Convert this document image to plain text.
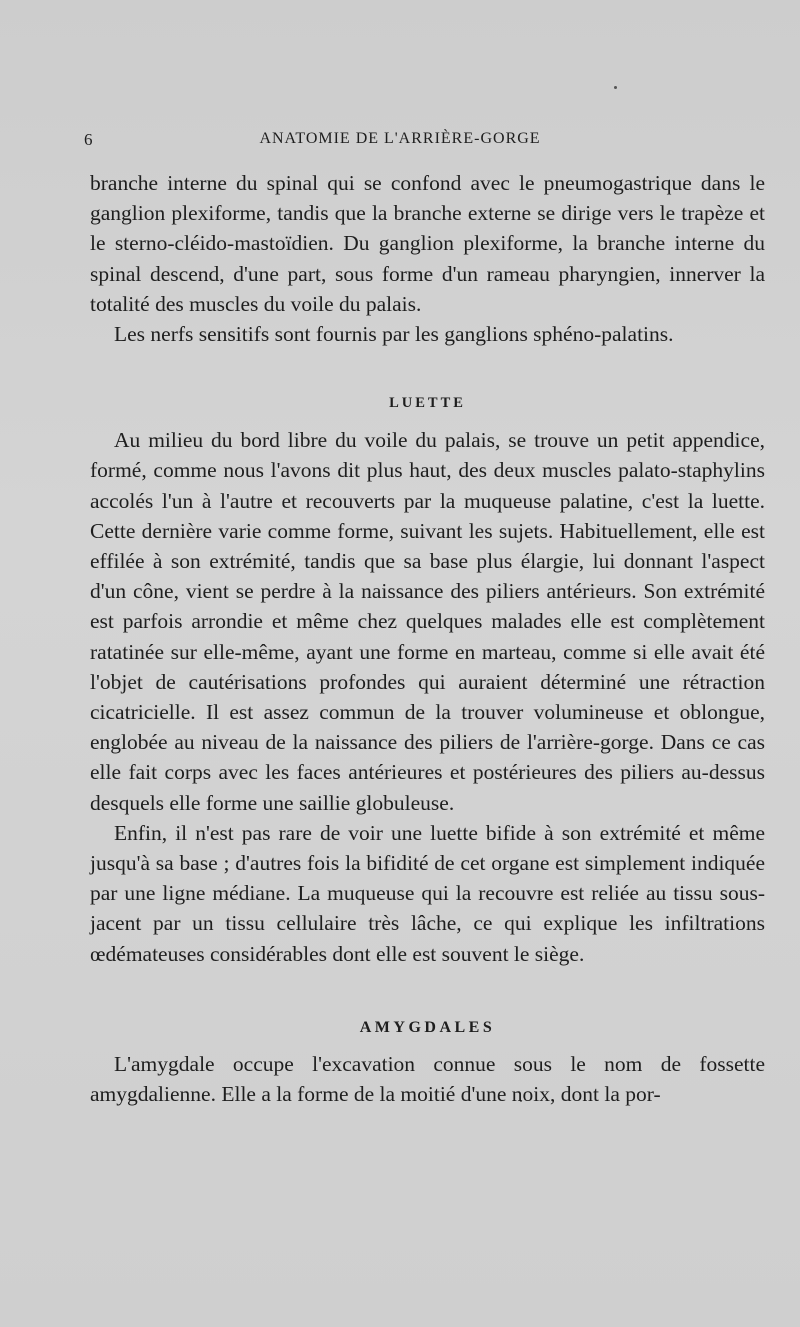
6	ANATOMIE DE L'ARRIÈRE-GORGE

branche interne du spinal qui se confond avec le pneumogastrique dans le ganglion plexiforme, tandis que la branche externe se dirige vers le trapèze et le sterno-cléido-mastoïdien. Du ganglion plexiforme, la branche interne du spinal descend, d'une part, sous forme d'un rameau pharyngien, innerver la totalité des muscles du voile du palais.

Les nerfs sensitifs sont fournis par les ganglions sphéno-palatins.

LUETTE

Au milieu du bord libre du voile du palais, se trouve un petit appendice, formé, comme nous l'avons dit plus haut, des deux muscles palato-staphylins accolés l'un à l'autre et recouverts par la muqueuse palatine, c'est la luette. Cette dernière varie comme forme, suivant les sujets. Habituellement, elle est effilée à son extrémité, tandis que sa base plus élargie, lui donnant l'aspect d'un cône, vient se perdre à la naissance des piliers antérieurs. Son extrémité est parfois arrondie et même chez quelques malades elle est complètement ratatinée sur elle-même, ayant une forme en marteau, comme si elle avait été l'objet de cautérisations profondes qui auraient déterminé une rétraction cicatricielle. Il est assez commun de la trouver volumineuse et oblongue, englobée au niveau de la naissance des piliers de l'arrière-gorge. Dans ce cas elle fait corps avec les faces antérieures et postérieures des piliers au-dessus desquels elle forme une saillie globuleuse.

Enfin, il n'est pas rare de voir une luette bifide à son extrémité et même jusqu'à sa base ; d'autres fois la bifidité de cet organe est simplement indiquée par une ligne médiane. La muqueuse qui la recouvre est reliée au tissu sous-jacent par un tissu cellulaire très lâche, ce qui explique les infiltrations œdémateuses considérables dont elle est souvent le siège.

AMYGDALES

L'amygdale occupe l'excavation connue sous le nom de fossette amygdalienne. Elle a la forme de la moitié d'une noix, dont la por-
